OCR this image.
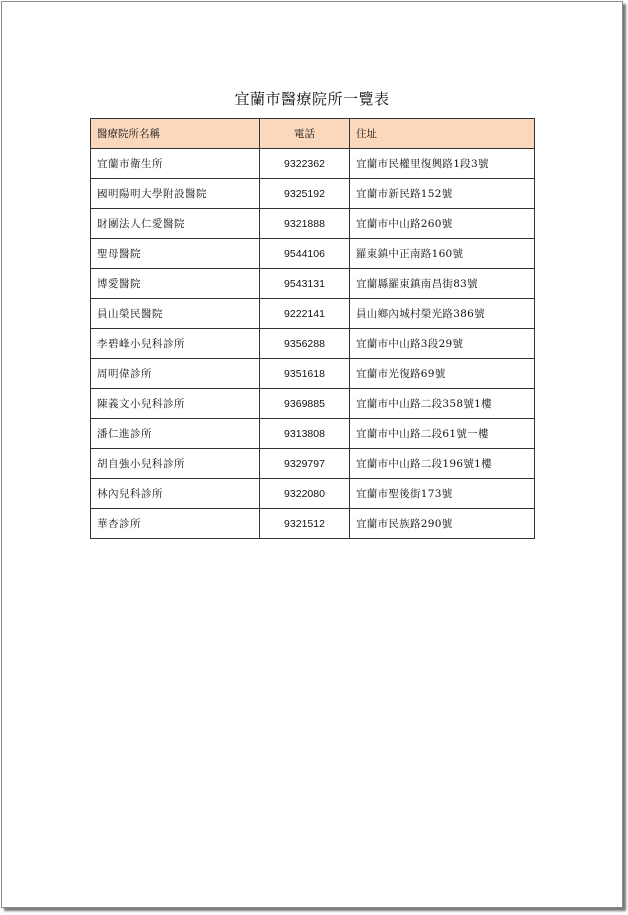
宜蘭市醫療院所一覽表
醫療院所名稱	電話	住址
宜蘭市衛生所	9322362	宜蘭市民權里復興路1段3號
國明陽明大學附設醫院	9325192	宜蘭市新民路152號
財團法人仁愛醫院	9321888	宜蘭市中山路260號
聖母醫院	9544106	羅東鎮中正南路160號
博愛醫院	9543131	宜蘭縣羅東鎮南昌街83號
員山榮民醫院	9222141	員山鄉內城村榮光路386號
李碧峰小兒科診所	9356288	宜蘭市中山路3段29號
周明偉診所	9351618	宜蘭市光復路69號
陳義文小兒科診所	9369885	宜蘭市中山路二段358號1樓
潘仁進診所	9313808	宜蘭市中山路二段61號一樓
胡自強小兒科診所	9329797	宜蘭市中山路二段196號1樓
林內兒科診所	9322080	宜蘭市聖後街173號
華杏診所	9321512	宜蘭市民族路290號
